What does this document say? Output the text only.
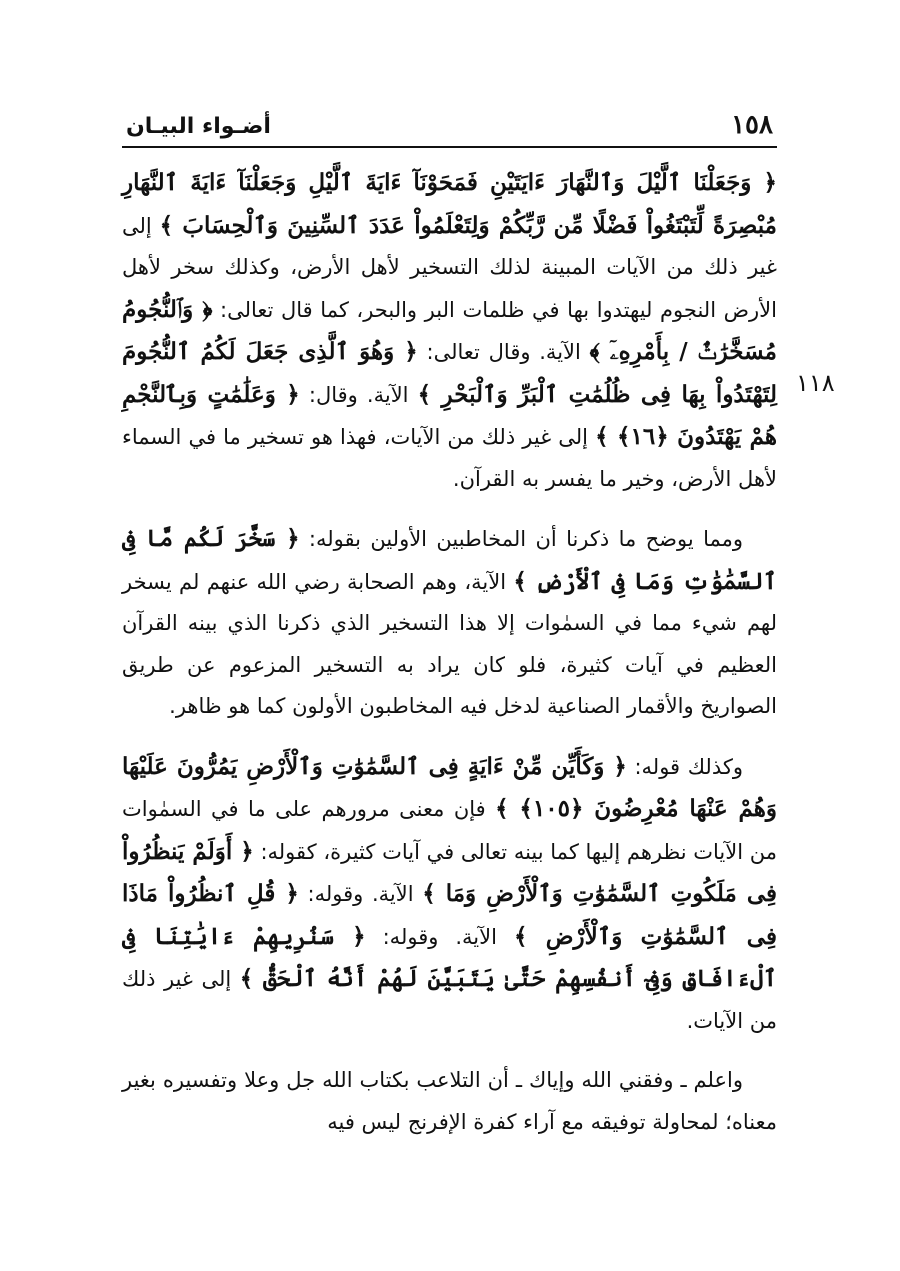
١٥٨
أضـواء البيـان
١١٨

﴿ وَجَعَلْنَا ٱلَّيْلَ وَٱلنَّهَارَ ءَايَتَيْنِ فَمَحَوْنَآ ءَايَةَ ٱلَّيْلِ وَجَعَلْنَآ ءَايَةَ ٱلنَّهَارِ مُبْصِرَةً لِّتَبْتَغُواْ فَضْلًا مِّن رَّبِّكُمْ وَلِتَعْلَمُواْ عَدَدَ ٱلسِّنِينَ وَٱلْحِسَابَ ﴾ إلى غير ذلك من الآيات المبينة لذلك التسخير لأهل الأرض، وكذلك سخر لأهل الأرض النجوم ليهتدوا بها في ظلمات البر والبحر، كما قال تعالى: ﴿ وَٱلنُّجُومُ مُسَخَّرَٰتٌۢ / بِأَمْرِهِۦٓ ﴾ الآية. وقال تعالى: ﴿ وَهُوَ ٱلَّذِى جَعَلَ لَكُمُ ٱلنُّجُومَ لِتَهْتَدُواْ بِهَا فِى ظُلُمَٰتِ ٱلْبَرِّ وَٱلْبَحْرِ ﴾ الآية. وقال: ﴿ وَعَلَٰمَٰتٍ وَبِٱلنَّجْمِ هُمْ يَهْتَدُونَ ﴿١٦﴾ ﴾ إلى غير ذلك من الآيات، فهذا هو تسخير ما في السماء لأهل الأرض، وخير ما يفسر به القرآن.

ومما يوضح ما ذكرنا أن المخاطبين الأولين بقوله: ﴿ سَخَّرَ لَكُم مَّا فِى ٱلسَّمَٰوَٰتِ وَمَا فِى ٱلْأَرْضِ ﴾ الآية، وهم الصحابة رضي الله عنهم لم يسخر لهم شيء مما في السمٰوات إلا هذا التسخير الذي ذكرنا الذي بينه القرآن العظيم في آيات كثيرة، فلو كان يراد به التسخير المزعوم عن طريق الصواريخ والأقمار الصناعية لدخل فيه المخاطبون الأولون كما هو ظاهر.

وكذلك قوله: ﴿ وَكَأَيِّن مِّنْ ءَايَةٍ فِى ٱلسَّمَٰوَٰتِ وَٱلْأَرْضِ يَمُرُّونَ عَلَيْهَا وَهُمْ عَنْهَا مُعْرِضُونَ ﴿١٠٥﴾ ﴾ فإن معنى مرورهم على ما في السمٰوات من الآيات نظرهم إليها كما بينه تعالى في آيات كثيرة، كقوله: ﴿ أَوَلَمْ يَنظُرُواْ فِى مَلَكُوتِ ٱلسَّمَٰوَٰتِ وَٱلْأَرْضِ وَمَا ﴾ الآية. وقوله: ﴿ قُلِ ٱنظُرُواْ مَاذَا فِى ٱلسَّمَٰوَٰتِ وَٱلْأَرْضِ ﴾ الآية. وقوله: ﴿ سَنُرِيهِمْ ءَايَٰتِنَا فِى ٱلْءَافَاقِ وَفِىٓ أَنفُسِهِمْ حَتَّىٰ يَتَبَيَّنَ لَهُمْ أَنَّهُ ٱلْحَقُّ ﴾ إلى غير ذلك من الآيات.

واعلم ـ وفقني الله وإياك ـ أن التلاعب بكتاب الله جل وعلا وتفسيره بغير معناه؛ لمحاولة توفيقه مع آراء كفرة الإفرنج ليس فيه
